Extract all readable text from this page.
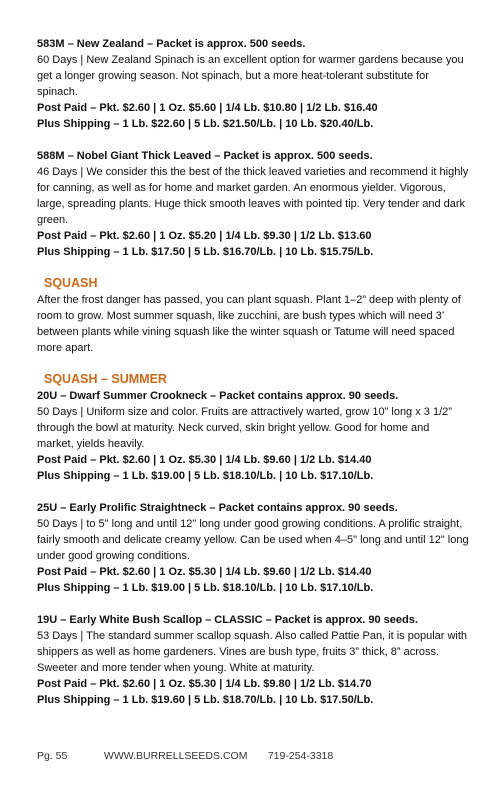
583M – New Zealand – Packet is approx. 500 seeds.
60 Days | New Zealand Spinach is an excellent option for warmer gardens because you get a longer growing season. Not spinach, but a more heat-tolerant substitute for spinach.
Post Paid – Pkt. $2.60 | 1 Oz. $5.60 | 1/4 Lb. $10.80 | 1/2 Lb. $16.40
Plus Shipping – 1 Lb. $22.60 | 5 Lb. $21.50/Lb. | 10 Lb. $20.40/Lb.
588M – Nobel Giant Thick Leaved – Packet is approx. 500 seeds.
46 Days | We consider this the best of the thick leaved varieties and recommend it highly for canning, as well as for home and market garden. An enormous yielder. Vigorous, large, spreading plants. Huge thick smooth leaves with pointed tip. Very tender and dark green.
Post Paid – Pkt. $2.60 | 1 Oz. $5.20 | 1/4 Lb. $9.30 | 1/2 Lb. $13.60
Plus Shipping – 1 Lb. $17.50 | 5 Lb. $16.70/Lb. | 10 Lb. $15.75/Lb.
SQUASH
After the frost danger has passed, you can plant squash. Plant 1–2” deep with plenty of room to grow. Most summer squash, like zucchini, are bush types which will need 3’ between plants while vining squash like the winter squash or Tatume will need spaced more apart.
SQUASH – SUMMER
20U – Dwarf Summer Crookneck – Packet contains approx. 90 seeds.
50 Days | Uniform size and color. Fruits are attractively warted, grow 10” long x 3 1/2” through the bowl at maturity. Neck curved, skin bright yellow. Good for home and market, yields heavily.
Post Paid – Pkt. $2.60 | 1 Oz. $5.30 | 1/4 Lb. $9.60 | 1/2 Lb. $14.40
Plus Shipping – 1 Lb. $19.00 | 5 Lb. $18.10/Lb. | 10 Lb. $17.10/Lb.
25U – Early Prolific Straightneck – Packet contains approx. 90 seeds.
50 Days | to 5" long and until 12" long under good growing conditions. A prolific straight, fairly smooth and delicate creamy yellow. Can be used when 4–5" long and until 12" long under good growing conditions.
Post Paid – Pkt. $2.60 | 1 Oz. $5.30 | 1/4 Lb. $9.60 | 1/2 Lb. $14.40
Plus Shipping – 1 Lb. $19.00 | 5 Lb. $18.10/Lb. | 10 Lb. $17.10/Lb.
19U – Early White Bush Scallop – CLASSIC – Packet is approx. 90 seeds.
53 Days | The standard summer scallop squash. Also called Pattie Pan, it is popular with shippers as well as home gardeners. Vines are bush type, fruits 3” thick, 8” across. Sweeter and more tender when young. White at maturity.
Post Paid – Pkt. $2.60 | 1 Oz. $5.30 | 1/4 Lb. $9.80 | 1/2 Lb. $14.70
Plus Shipping – 1 Lb. $19.60 | 5 Lb. $18.70/Lb. | 10 Lb. $17.50/Lb.
Pg. 55	WWW.BURRELLSEEDS.COM 719-254-3318
